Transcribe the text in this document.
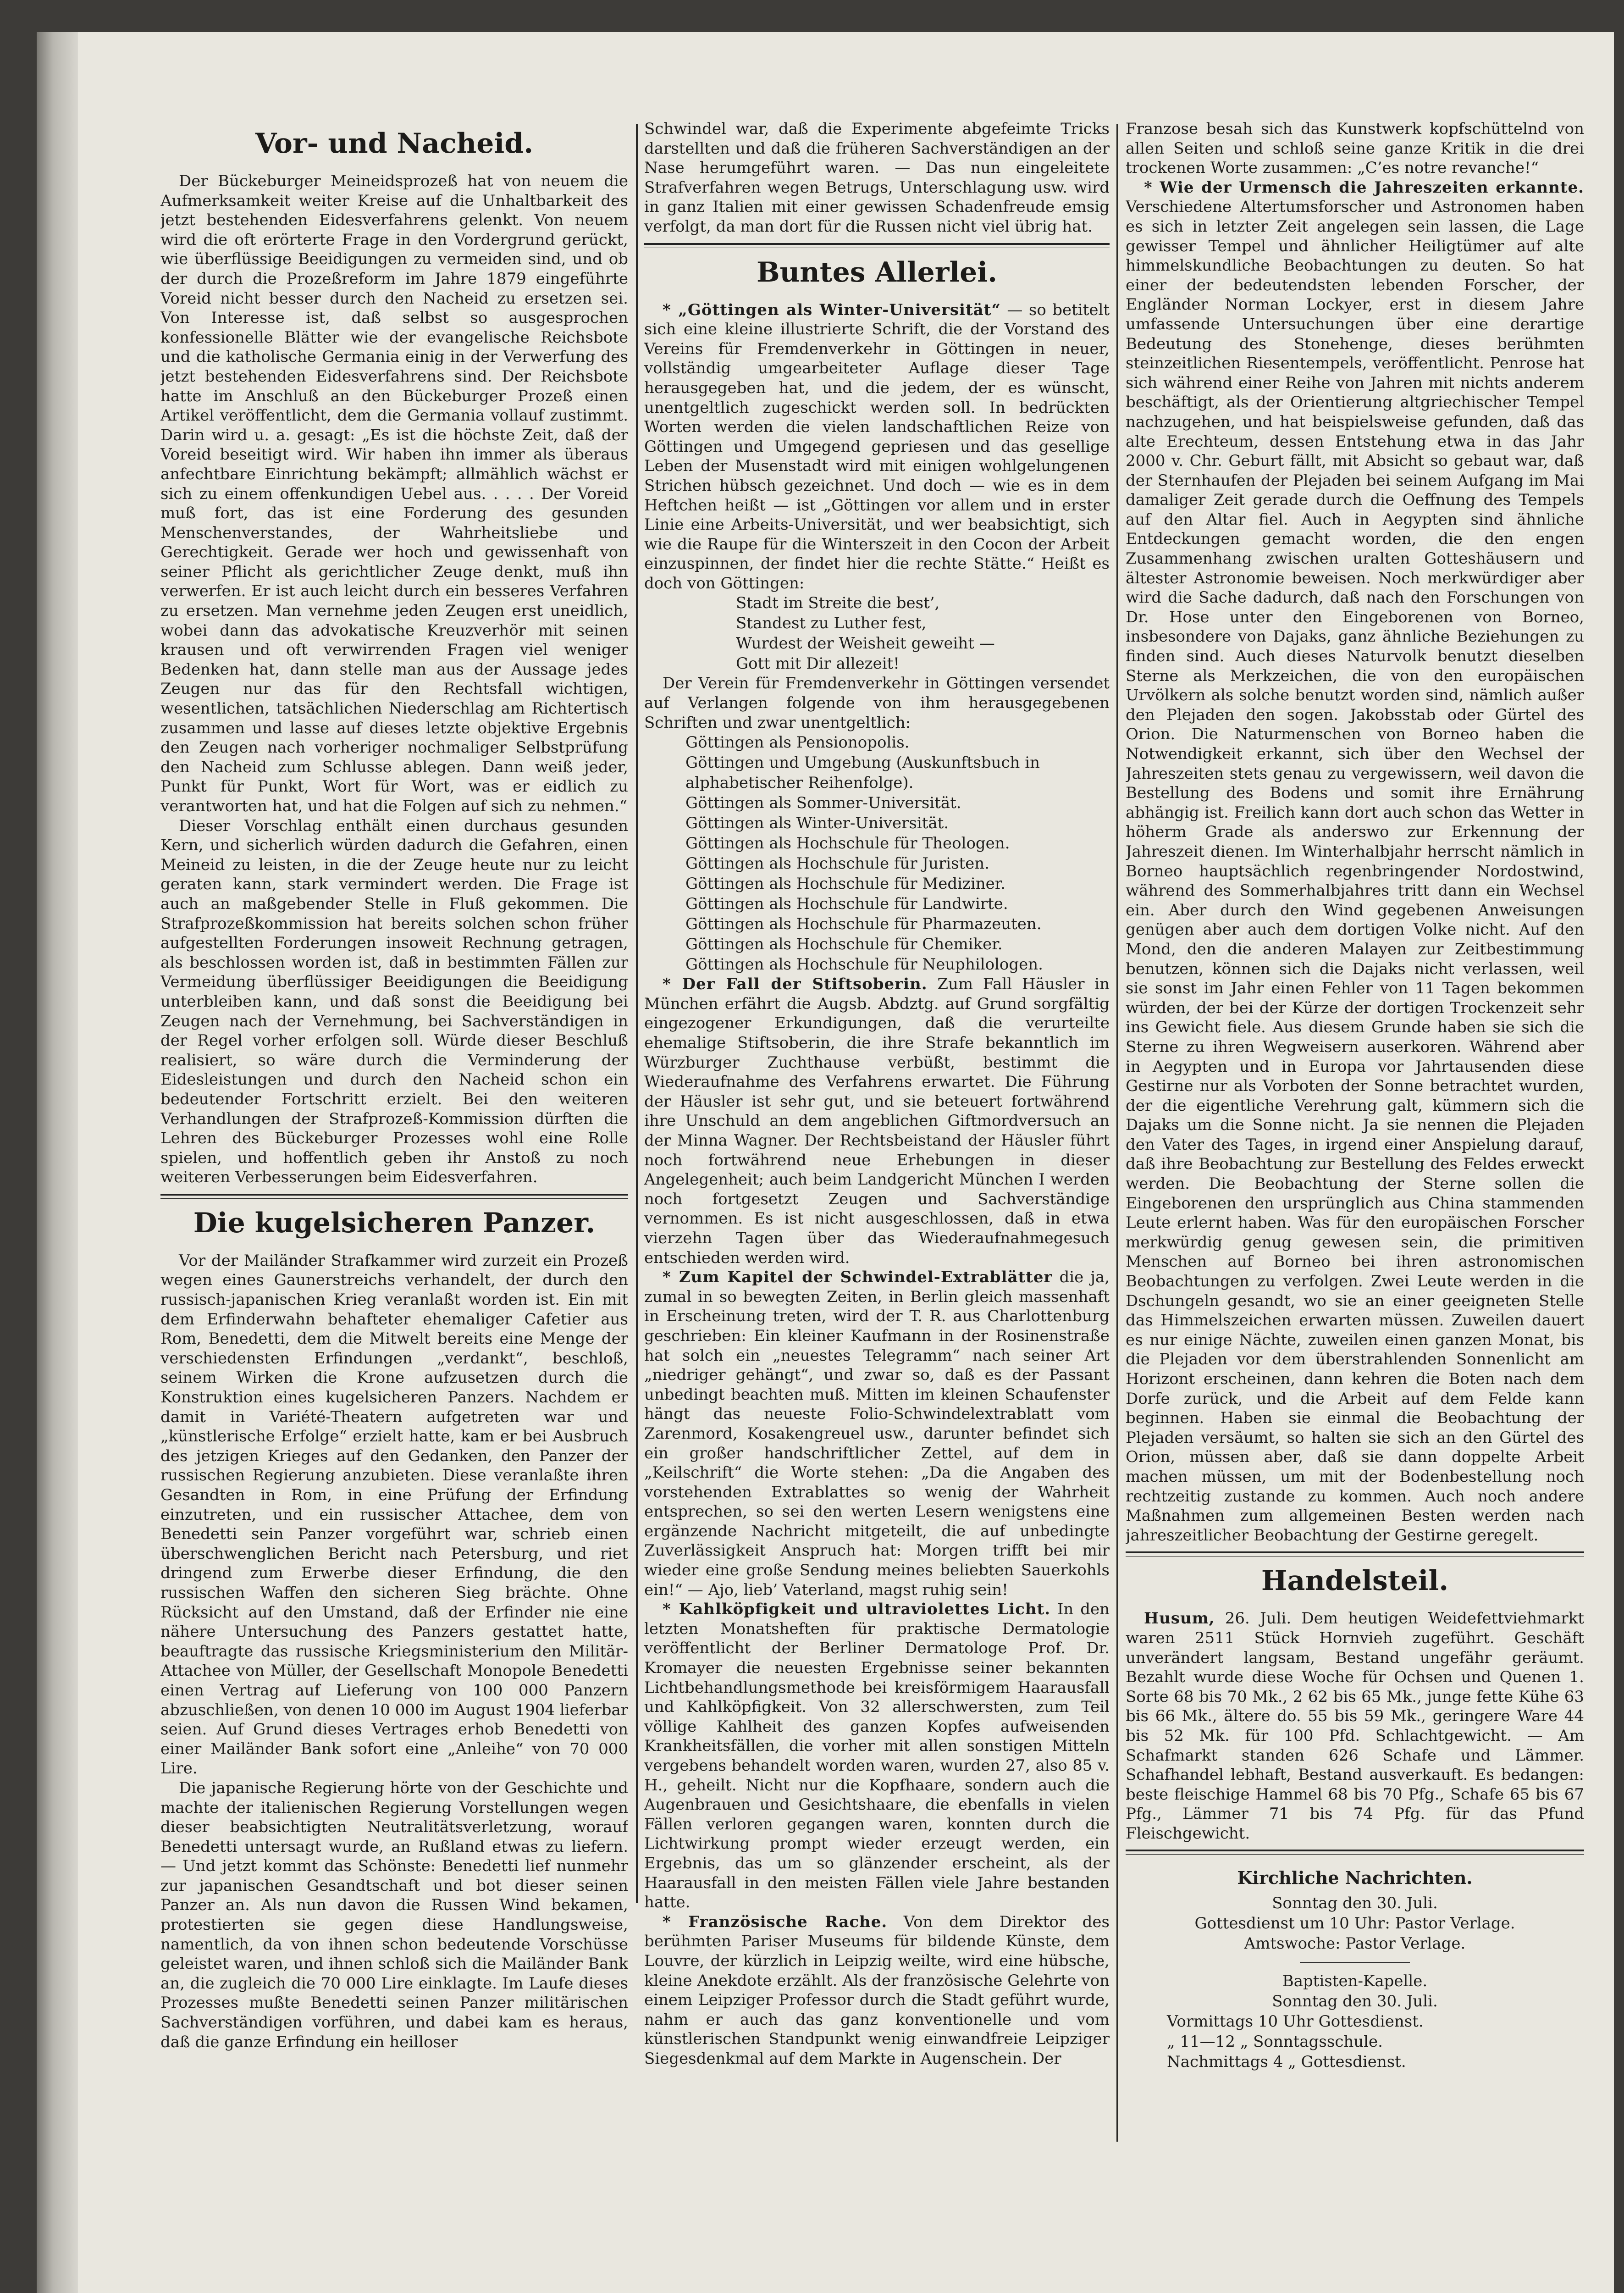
Vor- und Nacheid.

Der Bückeburger Meineidsprozeß hat von neuem die Aufmerksamkeit weiter Kreise auf die Unhaltbarkeit des jetzt bestehenden Eidesverfahrens gelenkt. Von neuem wird die oft erörterte Frage in den Vordergrund gerückt, wie überflüssige Beeidigungen zu vermeiden sind, und ob der durch die Prozeßreform im Jahre 1879 eingeführte Voreid nicht besser durch den Nacheid zu ersetzen sei. Von Interesse ist, daß selbst so ausgesprochen konfessionelle Blätter wie der evangelische Reichsbote und die katholische Germania einig in der Verwerfung des jetzt bestehenden Eidesverfahrens sind. Der Reichsbote hatte im Anschluß an den Bückeburger Prozeß einen Artikel veröffentlicht, dem die Germania vollauf zustimmt. Darin wird u. a. gesagt: „Es ist die höchste Zeit, daß der Voreid beseitigt wird. Wir haben ihn immer als überaus anfechtbare Einrichtung bekämpft; allmählich wächst er sich zu einem offenkundigen Uebel aus. . . . . Der Voreid muß fort, das ist eine Forderung des gesunden Menschenverstandes, der Wahrheitsliebe und Gerechtigkeit. Gerade wer hoch und gewissenhaft von seiner Pflicht als gerichtlicher Zeuge denkt, muß ihn verwerfen. Er ist auch leicht durch ein besseres Verfahren zu ersetzen. Man vernehme jeden Zeugen erst uneidlich, wobei dann das advokatische Kreuzverhör mit seinen krausen und oft verwirrenden Fragen viel weniger Bedenken hat, dann stelle man aus der Aussage jedes Zeugen nur das für den Rechtsfall wichtigen, wesentlichen, tatsächlichen Niederschlag am Richtertisch zusammen und lasse auf dieses letzte objektive Ergebnis den Zeugen nach vorheriger nochmaliger Selbstprüfung den Nacheid zum Schlusse ablegen. Dann weiß jeder, Punkt für Punkt, Wort für Wort, was er eidlich zu verantworten hat, und hat die Folgen auf sich zu nehmen.“

Dieser Vorschlag enthält einen durchaus gesunden Kern, und sicherlich würden dadurch die Gefahren, einen Meineid zu leisten, in die der Zeuge heute nur zu leicht geraten kann, stark vermindert werden. Die Frage ist auch an maßgebender Stelle in Fluß gekommen. Die Strafprozeßkommission hat bereits solchen schon früher aufgestellten Forderungen insoweit Rechnung getragen, als beschlossen worden ist, daß in bestimmten Fällen zur Vermeidung überflüssiger Beeidigungen die Beeidigung unterbleiben kann, und daß sonst die Beeidigung bei Zeugen nach der Vernehmung, bei Sachverständigen in der Regel vorher erfolgen soll. Würde dieser Beschluß realisiert, so wäre durch die Verminderung der Eidesleistungen und durch den Nacheid schon ein bedeutender Fortschritt erzielt. Bei den weiteren Verhandlungen der Strafprozeß-Kommission dürften die Lehren des Bückeburger Prozesses wohl eine Rolle spielen, und hoffentlich geben ihr Anstoß zu noch weiteren Verbesserungen beim Eidesverfahren.

Die kugelsicheren Panzer.

Vor der Mailänder Strafkammer wird zurzeit ein Prozeß wegen eines Gaunerstreichs verhandelt, der durch den russisch-japanischen Krieg veranlaßt worden ist. Ein mit dem Erfinderwahn behafteter ehemaliger Cafetier aus Rom, Benedetti, dem die Mitwelt bereits eine Menge der verschiedensten Erfindungen „verdankt“, beschloß, seinem Wirken die Krone aufzusetzen durch die Konstruktion eines kugelsicheren Panzers. Nachdem er damit in Variété-Theatern aufgetreten war und „künstlerische Erfolge“ erzielt hatte, kam er bei Ausbruch des jetzigen Krieges auf den Gedanken, den Panzer der russischen Regierung anzubieten. Diese veranlaßte ihren Gesandten in Rom, in eine Prüfung der Erfindung einzutreten, und ein russischer Attachee, dem von Benedetti sein Panzer vorgeführt war, schrieb einen überschwenglichen Bericht nach Petersburg, und riet dringend zum Erwerbe dieser Erfindung, die den russischen Waffen den sicheren Sieg brächte. Ohne Rücksicht auf den Umstand, daß der Erfinder nie eine nähere Untersuchung des Panzers gestattet hatte, beauftragte das russische Kriegsministerium den Militär-Attachee von Müller, der Gesellschaft Monopole Benedetti einen Vertrag auf Lieferung von 100 000 Panzern abzuschließen, von denen 10 000 im August 1904 lieferbar seien. Auf Grund dieses Vertrages erhob Benedetti von einer Mailänder Bank sofort eine „Anleihe“ von 70 000 Lire.

Die japanische Regierung hörte von der Geschichte und machte der italienischen Regierung Vorstellungen wegen dieser beabsichtigten Neutralitätsverletzung, worauf Benedetti untersagt wurde, an Rußland etwas zu liefern. — Und jetzt kommt das Schönste: Benedetti lief nunmehr zur japanischen Gesandtschaft und bot dieser seinen Panzer an. Als nun davon die Russen Wind bekamen, protestierten sie gegen diese Handlungsweise, namentlich, da von ihnen schon bedeutende Vorschüsse geleistet waren, und ihnen schloß sich die Mailänder Bank an, die zugleich die 70 000 Lire einklagte. Im Laufe dieses Prozesses mußte Benedetti seinen Panzer militärischen Sachverständigen vorführen, und dabei kam es heraus, daß die ganze Erfindung ein heilloser

Schwindel war, daß die Experimente abgefeimte Tricks darstellten und daß die früheren Sachverständigen an der Nase herumgeführt waren. — Das nun eingeleitete Strafverfahren wegen Betrugs, Unterschlagung usw. wird in ganz Italien mit einer gewissen Schadenfreude emsig verfolgt, da man dort für die Russen nicht viel übrig hat.

Buntes Allerlei.

* „Göttingen als Winter-Universität“ — so betitelt sich eine kleine illustrierte Schrift, die der Vorstand des Vereins für Fremdenverkehr in Göttingen in neuer, vollständig umgearbeiteter Auflage dieser Tage herausgegeben hat, und die jedem, der es wünscht, unentgeltlich zugeschickt werden soll. In bedrückten Worten werden die vielen landschaftlichen Reize von Göttingen und Umgegend gepriesen und das gesellige Leben der Musenstadt wird mit einigen wohlgelungenen Strichen hübsch gezeichnet. Und doch — wie es in dem Heftchen heißt — ist „Göttingen vor allem und in erster Linie eine Arbeits-Universität, und wer beabsichtigt, sich wie die Raupe für die Winterszeit in den Cocon der Arbeit einzuspinnen, der findet hier die rechte Stätte.“ Heißt es doch von Göttingen:

Stadt im Streite die best’,
Standest zu Luther fest,
Wurdest der Weisheit geweiht —
Gott mit Dir allezeit!

Der Verein für Fremdenverkehr in Göttingen versendet auf Verlangen folgende von ihm herausgegebenen Schriften und zwar unentgeltlich:

Göttingen als Pensionopolis.
Göttingen und Umgebung (Auskunftsbuch in alphabetischer Reihenfolge).
Göttingen als Sommer-Universität.
Göttingen als Winter-Universität.
Göttingen als Hochschule für Theologen.
Göttingen als Hochschule für Juristen.
Göttingen als Hochschule für Mediziner.
Göttingen als Hochschule für Landwirte.
Göttingen als Hochschule für Pharmazeuten.
Göttingen als Hochschule für Chemiker.
Göttingen als Hochschule für Neuphilologen.

* Der Fall der Stiftsoberin. Zum Fall Häusler in München erfährt die Augsb. Abdztg. auf Grund sorgfältig eingezogener Erkundigungen, daß die verurteilte ehemalige Stiftsoberin, die ihre Strafe bekanntlich im Würzburger Zuchthause verbüßt, bestimmt die Wiederaufnahme des Verfahrens erwartet. Die Führung der Häusler ist sehr gut, und sie beteuert fortwährend ihre Unschuld an dem angeblichen Giftmordversuch an der Minna Wagner. Der Rechtsbeistand der Häusler führt noch fortwährend neue Erhebungen in dieser Angelegenheit; auch beim Landgericht München I werden noch fortgesetzt Zeugen und Sachverständige vernommen. Es ist nicht ausgeschlossen, daß in etwa vierzehn Tagen über das Wiederaufnahmegesuch entschieden werden wird.

* Zum Kapitel der Schwindel-Extrablätter die ja, zumal in so bewegten Zeiten, in Berlin gleich massenhaft in Erscheinung treten, wird der T. R. aus Charlottenburg geschrieben: Ein kleiner Kaufmann in der Rosinenstraße hat solch ein „neuestes Telegramm“ nach seiner Art „niedriger gehängt“, und zwar so, daß es der Passant unbedingt beachten muß. Mitten im kleinen Schaufenster hängt das neueste Folio-Schwindelextrablatt vom Zarenmord, Kosakengreuel usw., darunter befindet sich ein großer handschriftlicher Zettel, auf dem in „Keilschrift“ die Worte stehen: „Da die Angaben des vorstehenden Extrablattes so wenig der Wahrheit entsprechen, so sei den werten Lesern wenigstens eine ergänzende Nachricht mitgeteilt, die auf unbedingte Zuverlässigkeit Anspruch hat: Morgen trifft bei mir wieder eine große Sendung meines beliebten Sauerkohls ein!“ — Ajo, lieb’ Vaterland, magst ruhig sein!

* Kahlköpfigkeit und ultraviolettes Licht. In den letzten Monatsheften für praktische Dermatologie veröffentlicht der Berliner Dermatologe Prof. Dr. Kromayer die neuesten Ergebnisse seiner bekannten Lichtbehandlungsmethode bei kreisförmigem Haarausfall und Kahlköpfigkeit. Von 32 allerschwersten, zum Teil völlige Kahlheit des ganzen Kopfes aufweisenden Krankheitsfällen, die vorher mit allen sonstigen Mitteln vergebens behandelt worden waren, wurden 27, also 85 v. H., geheilt. Nicht nur die Kopfhaare, sondern auch die Augenbrauen und Gesichtshaare, die ebenfalls in vielen Fällen verloren gegangen waren, konnten durch die Lichtwirkung prompt wieder erzeugt werden, ein Ergebnis, das um so glänzender erscheint, als der Haarausfall in den meisten Fällen viele Jahre bestanden hatte.

* Französische Rache. Von dem Direktor des berühmten Pariser Museums für bildende Künste, dem Louvre, der kürzlich in Leipzig weilte, wird eine hübsche, kleine Anekdote erzählt. Als der französische Gelehrte von einem Leipziger Professor durch die Stadt geführt wurde, nahm er auch das ganz konventionelle und vom künstlerischen Standpunkt wenig einwandfreie Leipziger Siegesdenkmal auf dem Markte in Augenschein. Der

Franzose besah sich das Kunstwerk kopfschüttelnd von allen Seiten und schloß seine ganze Kritik in die drei trockenen Worte zusammen: „C’es notre revanche!“

* Wie der Urmensch die Jahreszeiten erkannte. Verschiedene Altertumsforscher und Astronomen haben es sich in letzter Zeit angelegen sein lassen, die Lage gewisser Tempel und ähnlicher Heiligtümer auf alte himmelskundliche Beobachtungen zu deuten. So hat einer der bedeutendsten lebenden Forscher, der Engländer Norman Lockyer, erst in diesem Jahre umfassende Untersuchungen über eine derartige Bedeutung des Stonehenge, dieses berühmten steinzeitlichen Riesentempels, veröffentlicht. Penrose hat sich während einer Reihe von Jahren mit nichts anderem beschäftigt, als der Orientierung altgriechischer Tempel nachzugehen, und hat beispielsweise gefunden, daß das alte Erechteum, dessen Entstehung etwa in das Jahr 2000 v. Chr. Geburt fällt, mit Absicht so gebaut war, daß der Sternhaufen der Plejaden bei seinem Aufgang im Mai damaliger Zeit gerade durch die Oeffnung des Tempels auf den Altar fiel. Auch in Aegypten sind ähnliche Entdeckungen gemacht worden, die den engen Zusammenhang zwischen uralten Gotteshäusern und ältester Astronomie beweisen. Noch merkwürdiger aber wird die Sache dadurch, daß nach den Forschungen von Dr. Hose unter den Eingeborenen von Borneo, insbesondere von Dajaks, ganz ähnliche Beziehungen zu finden sind. Auch dieses Naturvolk benutzt dieselben Sterne als Merkzeichen, die von den europäischen Urvölkern als solche benutzt worden sind, nämlich außer den Plejaden den sogen. Jakobsstab oder Gürtel des Orion. Die Naturmenschen von Borneo haben die Notwendigkeit erkannt, sich über den Wechsel der Jahreszeiten stets genau zu vergewissern, weil davon die Bestellung des Bodens und somit ihre Ernährung abhängig ist. Freilich kann dort auch schon das Wetter in höherm Grade als anderswo zur Erkennung der Jahreszeit dienen. Im Winterhalbjahr herrscht nämlich in Borneo hauptsächlich regenbringender Nordostwind, während des Sommerhalbjahres tritt dann ein Wechsel ein. Aber durch den Wind gegebenen Anweisungen genügen aber auch dem dortigen Volke nicht. Auf den Mond, den die anderen Malayen zur Zeitbestimmung benutzen, können sich die Dajaks nicht verlassen, weil sie sonst im Jahr einen Fehler von 11 Tagen bekommen würden, der bei der Kürze der dortigen Trockenzeit sehr ins Gewicht fiele. Aus diesem Grunde haben sie sich die Sterne zu ihren Wegweisern auserkoren. Während aber in Aegypten und in Europa vor Jahrtausenden diese Gestirne nur als Vorboten der Sonne betrachtet wurden, der die eigentliche Verehrung galt, kümmern sich die Dajaks um die Sonne nicht. Ja sie nennen die Plejaden den Vater des Tages, in irgend einer Anspielung darauf, daß ihre Beobachtung zur Bestellung des Feldes erweckt werden. Die Beobachtung der Sterne sollen die Eingeborenen den ursprünglich aus China stammenden Leute erlernt haben. Was für den europäischen Forscher merkwürdig genug gewesen sein, die primitiven Menschen auf Borneo bei ihren astronomischen Beobachtungen zu verfolgen. Zwei Leute werden in die Dschungeln gesandt, wo sie an einer geeigneten Stelle das Himmelszeichen erwarten müssen. Zuweilen dauert es nur einige Nächte, zuweilen einen ganzen Monat, bis die Plejaden vor dem überstrahlenden Sonnenlicht am Horizont erscheinen, dann kehren die Boten nach dem Dorfe zurück, und die Arbeit auf dem Felde kann beginnen. Haben sie einmal die Beobachtung der Plejaden versäumt, so halten sie sich an den Gürtel des Orion, müssen aber, daß sie dann doppelte Arbeit machen müssen, um mit der Bodenbestellung noch rechtzeitig zustande zu kommen. Auch noch andere Maßnahmen zum allgemeinen Besten werden nach jahreszeitlicher Beobachtung der Gestirne geregelt.

Handelsteil.

Husum, 26. Juli. Dem heutigen Weidefettviehmarkt waren 2511 Stück Hornvieh zugeführt. Geschäft unverändert langsam, Bestand ungefähr geräumt. Bezahlt wurde diese Woche für Ochsen und Quenen 1. Sorte 68 bis 70 Mk., 2 62 bis 65 Mk., junge fette Kühe 63 bis 66 Mk., ältere do. 55 bis 59 Mk., geringere Ware 44 bis 52 Mk. für 100 Pfd. Schlachtgewicht. — Am Schafmarkt standen 626 Schafe und Lämmer. Schafhandel lebhaft, Bestand ausverkauft. Es bedangen: beste fleischige Hammel 68 bis 70 Pfg., Schafe 65 bis 67 Pfg., Lämmer 71 bis 74 Pfg. für das Pfund Fleischgewicht.

Kirchliche Nachrichten.
Sonntag den 30. Juli.
Gottesdienst um 10 Uhr: Pastor Verlage.
Amtswoche: Pastor Verlage.
Baptisten-Kapelle.
Sonntag den 30. Juli.
Vormittags 10 Uhr Gottesdienst.
„ 11—12 „ Sonntagsschule.
Nachmittags 4 „ Gottesdienst.
